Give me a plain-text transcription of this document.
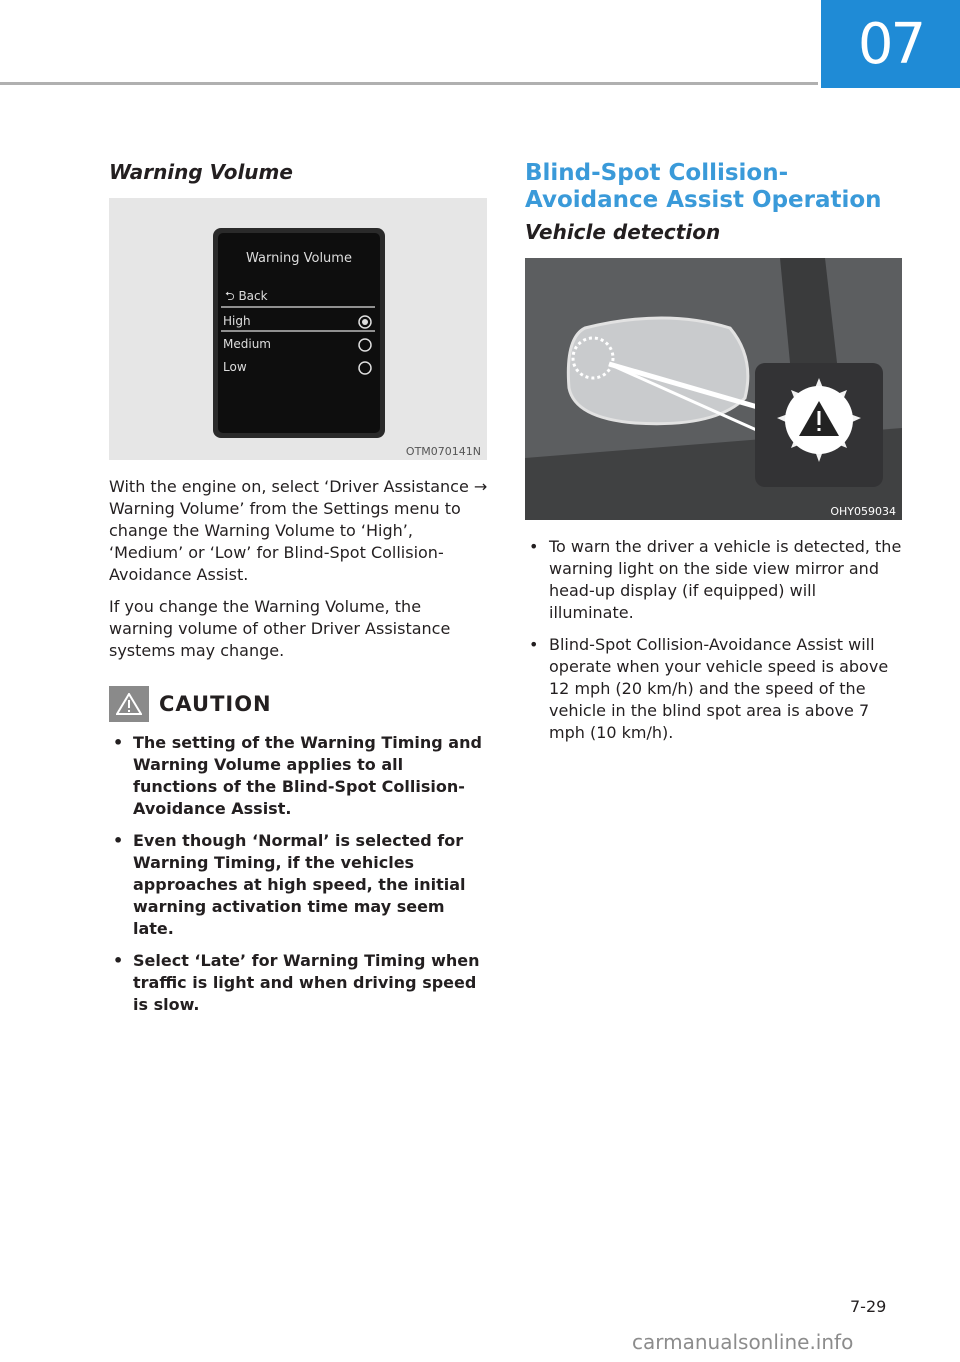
07
Warning Volume
Warning Volume
⮌ Back
High
Medium
Low
OTM070141N

With the engine on, select ‘Driver Assistance → Warning Volume’ from the Settings menu to change the Warning Volume to ‘High’, ‘Medium’ or ‘Low’ for Blind-Spot Collision-Avoidance Assist.

If you change the Warning Volume, the warning volume of other Driver Assistance systems may change.

CAUTION
• The setting of the Warning Timing and Warning Volume applies to all functions of the Blind-Spot Collision-Avoidance Assist.
• Even though ‘Normal’ is selected for Warning Timing, if the vehicles approaches at high speed, the initial warning activation time may seem late.
• Select ‘Late’ for Warning Timing when traffic is light and when driving speed is slow.
Blind-Spot Collision-Avoidance Assist Operation
Vehicle detection
OHY059034
• To warn the driver a vehicle is detected, the warning light on the side view mirror and head-up display (if equipped) will illuminate.
• Blind-Spot Collision-Avoidance Assist will operate when your vehicle speed is above 12 mph (20 km/h) and the speed of the vehicle in the blind spot area is above 7 mph (10 km/h).
7-29
carmanualsonline.info
